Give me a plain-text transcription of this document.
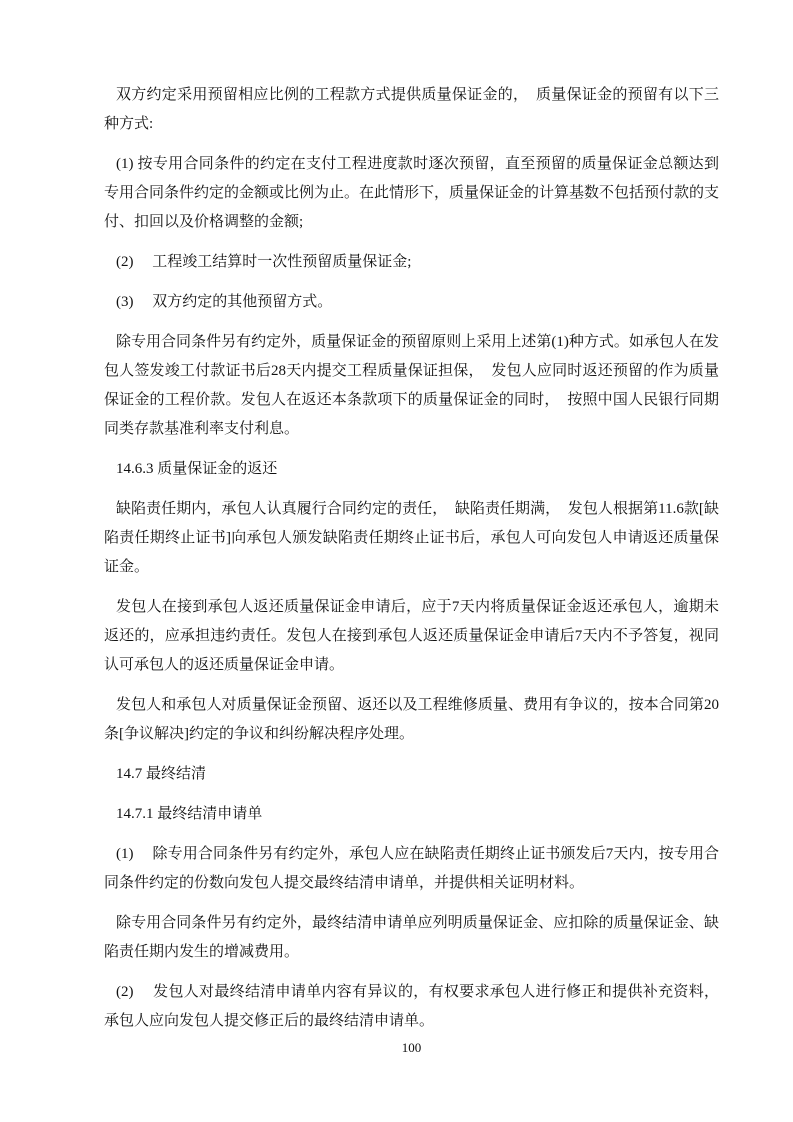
双方约定采用预留相应比例的工程款方式提供质量保证金的，　质量保证金的预留有以下三种方式:

(1) 按专用合同条件的约定在支付工程进度款时逐次预留，直至预留的质量保证金总额达到专用合同条件约定的金额或比例为止。在此情形下，质量保证金的计算基数不包括预付款的支付、扣回以及价格调整的金额;

(2)　 工程竣工结算时一次性预留质量保证金;

(3)　 双方约定的其他预留方式。

除专用合同条件另有约定外，质量保证金的预留原则上采用上述第(1)种方式。如承包人在发包人签发竣工付款证书后28天内提交工程质量保证担保，　发包人应同时返还预留的作为质量保证金的工程价款。发包人在返还本条款项下的质量保证金的同时，　按照中国人民银行同期同类存款基准利率支付利息。

14.6.3 质量保证金的返还

缺陷责任期内，承包人认真履行合同约定的责任，　缺陷责任期满，　发包人根据第11.6款[缺陷责任期终止证书]向承包人颁发缺陷责任期终止证书后，承包人可向发包人申请返还质量保证金。

发包人在接到承包人返还质量保证金申请后，应于7天内将质量保证金返还承包人，逾期未返还的，应承担违约责任。发包人在接到承包人返还质量保证金申请后7天内不予答复，视同认可承包人的返还质量保证金申请。

发包人和承包人对质量保证金预留、返还以及工程维修质量、费用有争议的，按本合同第20条[争议解决]约定的争议和纠纷解决程序处理。

14.7 最终结清

14.7.1 最终结清申请单

(1)　 除专用合同条件另有约定外，承包人应在缺陷责任期终止证书颁发后7天内，按专用合同条件约定的份数向发包人提交最终结清申请单，并提供相关证明材料。

除专用合同条件另有约定外，最终结清申请单应列明质量保证金、应扣除的质量保证金、缺陷责任期内发生的增减费用。

(2)　 发包人对最终结清申请单内容有异议的，有权要求承包人进行修正和提供补充资料，承包人应向发包人提交修正后的最终结清申请单。

100
